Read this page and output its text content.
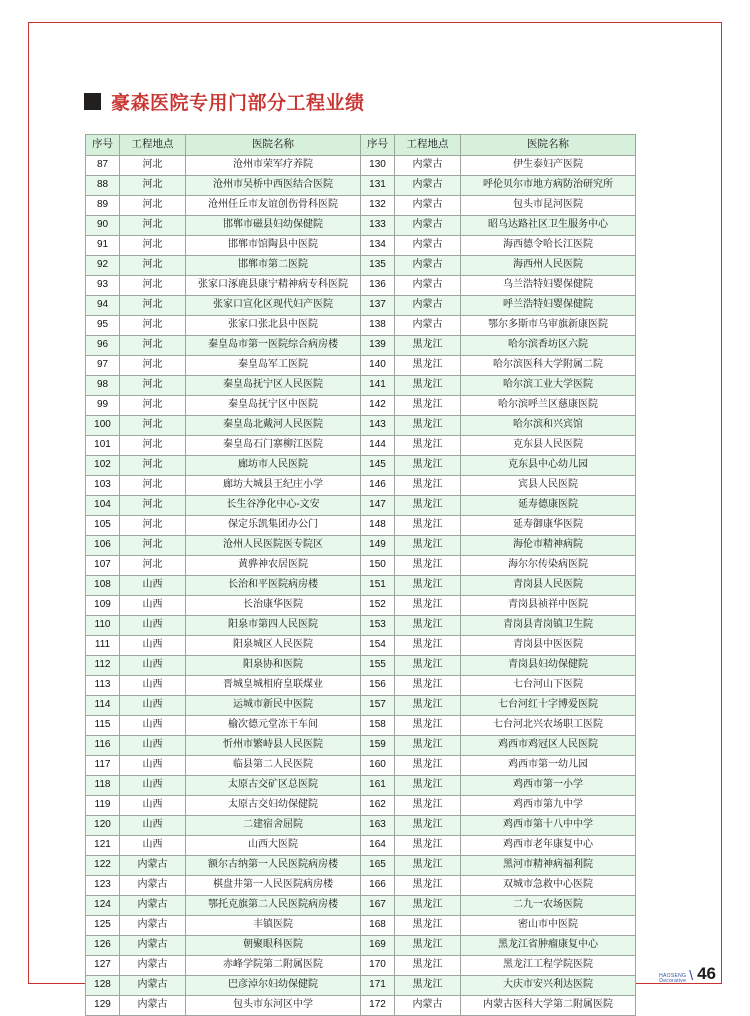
豪森医院专用门部分工程业绩
序号	工程地点	医院名称	序号	工程地点	医院名称
87	河北	沧州市荣军疗养院	130	内蒙古	伊生泰妇产医院
88	河北	沧州市吴桥中西医结合医院	131	内蒙古	呼伦贝尔市地方病防治研究所
89	河北	沧州任丘市友谊创伤骨科医院	132	内蒙古	包头市昆河医院
90	河北	邯郸市磁县妇幼保健院	133	内蒙古	昭乌达路社区卫生服务中心
91	河北	邯郸市馆陶县中医院	134	内蒙古	海西德令哈长江医院
92	河北	邯郸市第二医院	135	内蒙古	海西州人民医院
93	河北	张家口涿鹿县康宁精神病专科医院	136	内蒙古	乌兰浩特妇婴保健院
94	河北	张家口宣化区现代妇产医院	137	内蒙古	呼兰浩特妇婴保健院
95	河北	张家口张北县中医院	138	内蒙古	鄂尔多斯市乌审旗新康医院
96	河北	秦皇岛市第一医院综合病房楼	139	黑龙江	哈尔滨香坊区六院
97	河北	秦皇岛军工医院	140	黑龙江	哈尔滨医科大学附属二院
98	河北	秦皇岛抚宁区人民医院	141	黑龙江	哈尔滨工业大学医院
99	河北	秦皇岛抚宁区中医院	142	黑龙江	哈尔滨呼兰区慈康医院
100	河北	秦皇岛北戴河人民医院	143	黑龙江	哈尔滨和兴宾馆
101	河北	秦皇岛石门寨柳江医院	144	黑龙江	克东县人民医院
102	河北	廊坊市人民医院	145	黑龙江	克东县中心幼儿园
103	河北	廊坊大城县王纪庄小学	146	黑龙江	宾县人民医院
104	河北	长生谷净化中心-文安	147	黑龙江	延寿德康医院
105	河北	保定乐凯集团办公门	148	黑龙江	延寿御康华医院
106	河北	沧州人民医院医专院区	149	黑龙江	海伦市精神病院
107	河北	黄骅神农居医院	150	黑龙江	海尔尔传染病医院
108	山西	长治和平医院病房楼	151	黑龙江	青岗县人民医院
109	山西	长治康华医院	152	黑龙江	青岗县祯祥中医院
110	山西	阳泉市第四人民医院	153	黑龙江	青岗县青岗镇卫生院
111	山西	阳泉城区人民医院	154	黑龙江	青岗县中医医院
112	山西	阳泉协和医院	155	黑龙江	青岗县妇幼保健院
113	山西	晋城皇城相府皇联煤业	156	黑龙江	七台河山下医院
114	山西	运城市新民中医院	157	黑龙江	七台河红十字博爱医院
115	山西	榆次德元堂冻干车间	158	黑龙江	七台河北兴农场职工医院
116	山西	忻州市繁峙县人民医院	159	黑龙江	鸡西市鸡冠区人民医院
117	山西	临县第二人民医院	160	黑龙江	鸡西市第一幼儿园
118	山西	太原古交矿区总医院	161	黑龙江	鸡西市第一小学
119	山西	太原古交妇幼保健院	162	黑龙江	鸡西市第九中学
120	山西	二建宿舍屈院	163	黑龙江	鸡西市第十八中中学
121	山西	山西大医院	164	黑龙江	鸡西市老年康复中心
122	内蒙古	额尔古纳第一人民医院病房楼	165	黑龙江	黑河市精神病福利院
123	内蒙古	棋盘井第一人民医院病房楼	166	黑龙江	双城市急救中心医院
124	内蒙古	鄂托克旗第二人民医院病房楼	167	黑龙江	二九一农场医院
125	内蒙古	丰镇医院	168	黑龙江	密山市中医院
126	内蒙古	朝聚眼科医院	169	黑龙江	黑龙江省肿瘤康复中心
127	内蒙古	赤峰学院第二附属医院	170	黑龙江	黑龙江工程学院医院
128	内蒙古	巴彦淖尔妇幼保健院	171	黑龙江	大庆市安兴利达医院
129	内蒙古	包头市东河区中学	172	内蒙古	内蒙古医科大学第二附属医院
HAOSENG
Decorative \ 46
